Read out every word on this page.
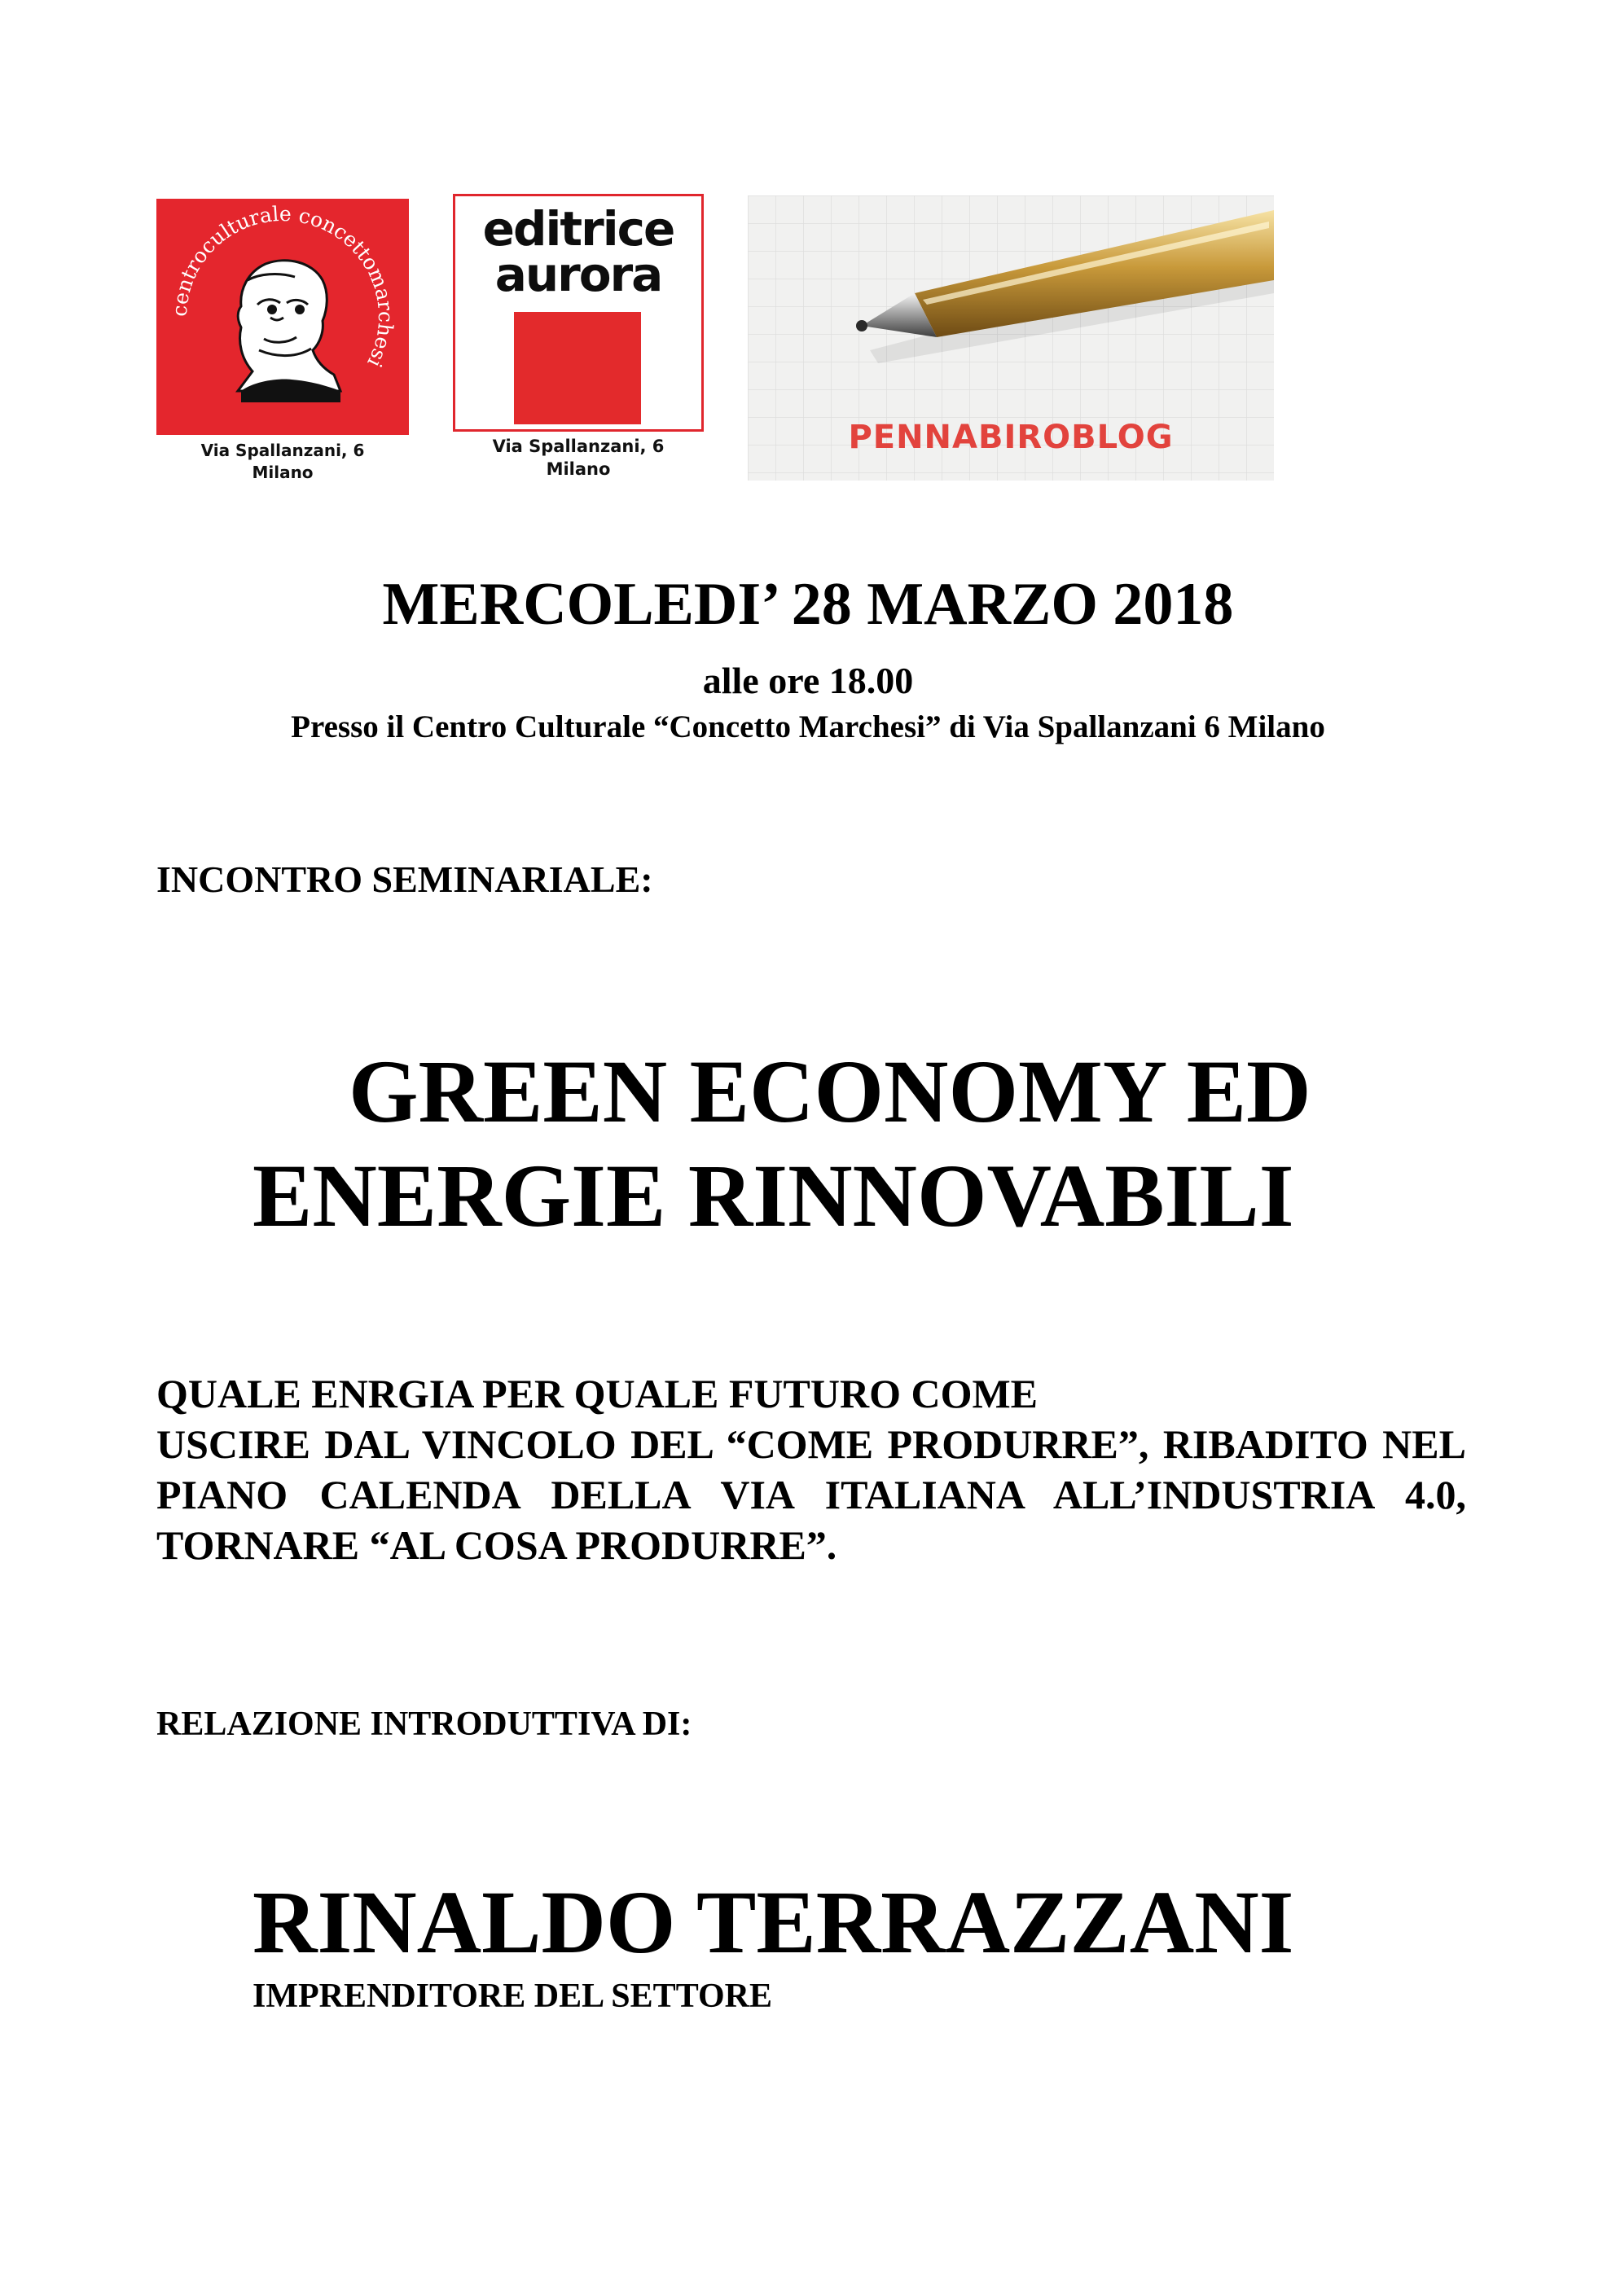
centroculturale concettomarchesi
Via Spallanzani, 6
Milano
editrice
aurora
Via Spallanzani, 6
Milano
PENNABIROBLOG
MERCOLEDI’ 28 MARZO 2018
alle ore 18.00
Presso il Centro Culturale “Concetto Marchesi” di Via Spallanzani 6 Milano
INCONTRO SEMINARIALE:
GREEN ECONOMY ED
ENERGIE RINNOVABILI
QUALE ENRGIA PER QUALE FUTURO COME
USCIRE DAL VINCOLO DEL “COME PRODURRE”, RIBADITO NEL PIANO CALENDA DELLA VIA ITALIANA ALL’INDUSTRIA 4.0, TORNARE “AL COSA PRODURRE”.
RELAZIONE INTRODUTTIVA DI:
RINALDO TERRAZZANI
IMPRENDITORE DEL SETTORE
